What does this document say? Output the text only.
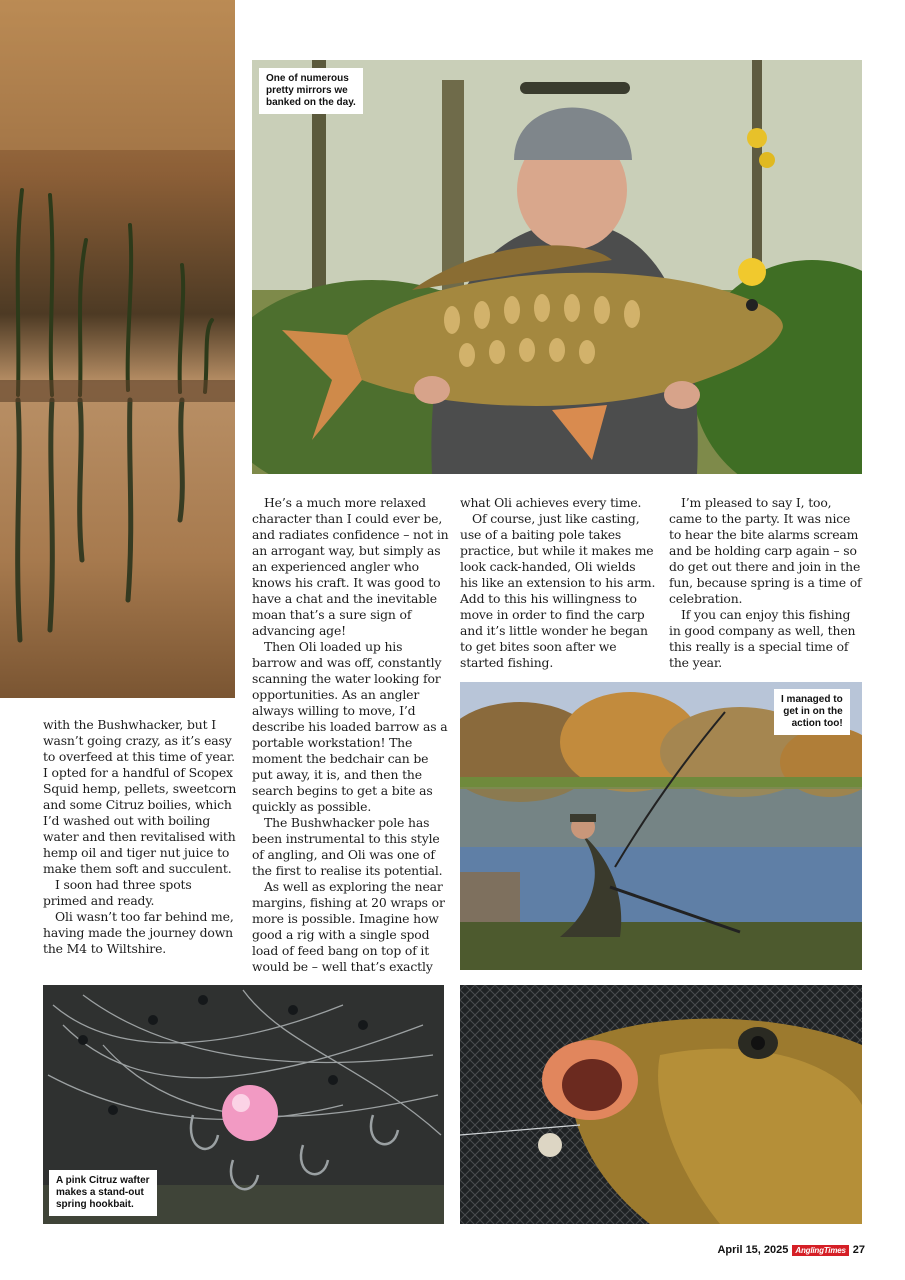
One of numerous
pretty mirrors we
banked on the day.
I managed to
get in on the
action too!
A pink Citruz wafter
makes a stand-out
spring hookbait.

with the Bushwhacker, but I wasn’t going crazy, as it’s easy to overfeed at this time of year. I opted for a handful of Scopex Squid hemp, pellets, sweetcorn and some Citruz boilies, which I’d washed out with boiling water and then revitalised with hemp oil and tiger nut juice to make them soft and succulent.

I soon had three spots primed and ready.

Oli wasn’t too far behind me, having made the journey down the M4 to Wiltshire.

He’s a much more relaxed character than I could ever be, and radiates confidence – not in an arrogant way, but simply as an experienced angler who knows his craft. It was good to have a chat and the inevitable moan that’s a sure sign of advancing age!

Then Oli loaded up his barrow and was off, constantly scanning the water looking for opportunities. As an angler always willing to move, I’d describe his loaded barrow as a portable workstation! The moment the bedchair can be put away, it is, and then the search begins to get a bite as quickly as possible.

The Bushwhacker pole has been instrumental to this style of angling, and Oli was one of the first to realise its potential.

As well as exploring the near margins, fishing at 20 wraps or more is possible. Imagine how good a rig with a single spod load of feed bang on top of it would be – well that’s exactly

what Oli achieves every time.

Of course, just like casting, use of a baiting pole takes practice, but while it makes me look cack-handed, Oli wields his like an extension to his arm. Add to this his willingness to move in order to find the carp and it’s little wonder he began to get bites soon after we started fishing.

I’m pleased to say I, too, came to the party. It was nice to hear the bite alarms scream and be holding carp again – so do get out there and join in the fun, because spring is a time of celebration.

If you can enjoy this fishing in good company as well, then this really is a special time of the year.

April 15, 2025 AnglingTimes 27
